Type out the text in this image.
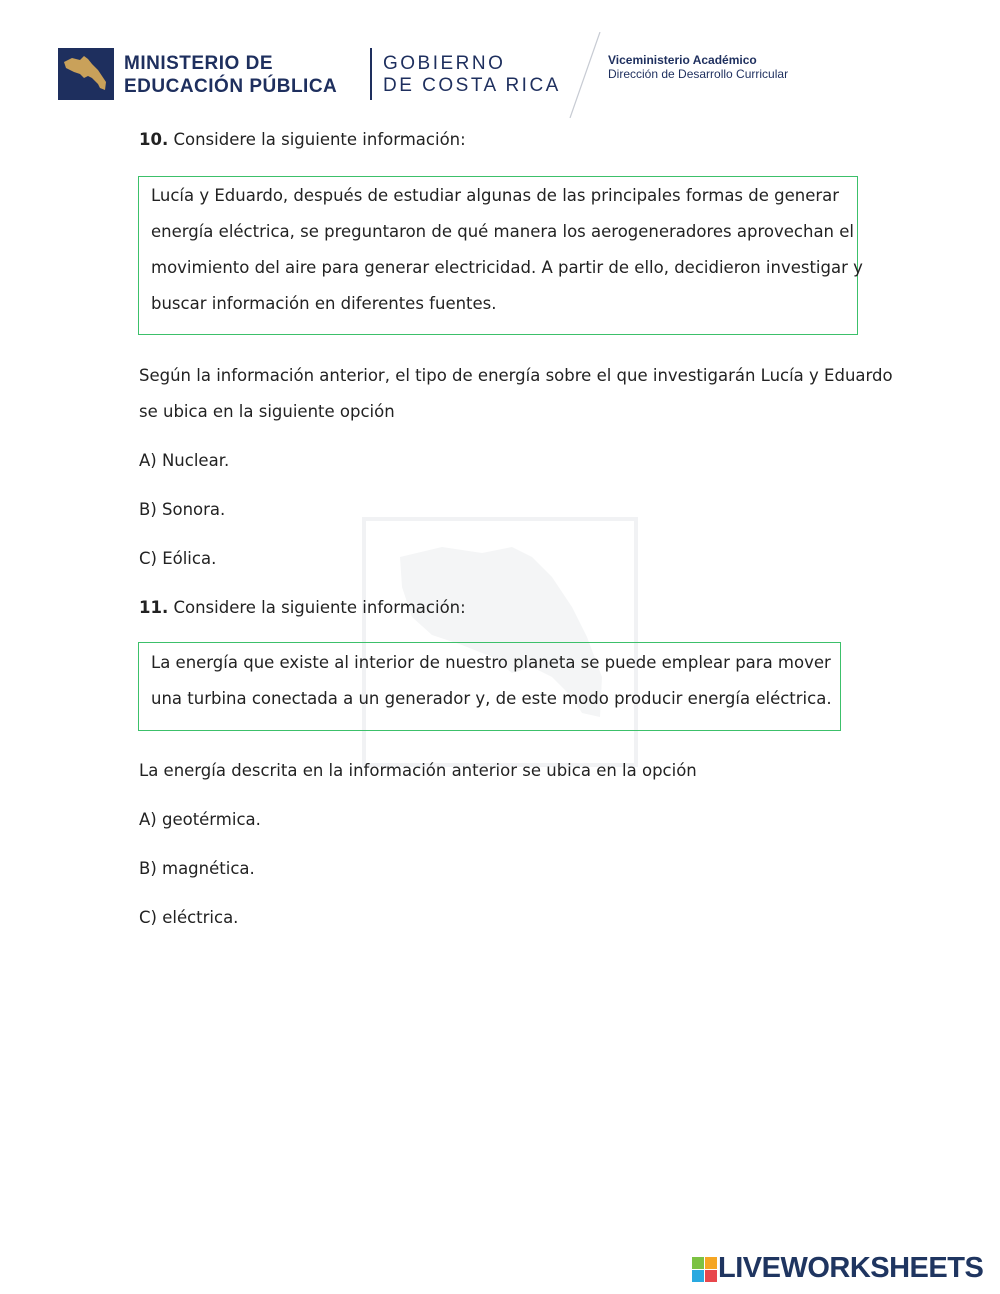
MINISTERIO DE
EDUCACIÓN PÚBLICA
GOBIERNO
DE COSTA RICA
Viceministerio Académico
Dirección de Desarrollo Curricular
10. Considere la siguiente información:
Lucía y Eduardo, después de estudiar algunas de las principales formas de generar
energía eléctrica, se preguntaron de qué manera los aerogeneradores aprovechan el
movimiento del aire para generar electricidad. A partir de ello, decidieron investigar y
buscar información en diferentes fuentes.
Según la información anterior, el tipo de energía sobre el que investigarán Lucía y Eduardo
se ubica en la siguiente opción
A) Nuclear.
B) Sonora.
C) Eólica.
11. Considere la siguiente información:
La energía que existe al interior de nuestro planeta se puede emplear para mover
una turbina conectada a un generador y, de este modo producir energía eléctrica.
La energía descrita en la información anterior se ubica en la opción
A) geotérmica.
B) magnética.
C) eléctrica.
LIVEWORKSHEETS
